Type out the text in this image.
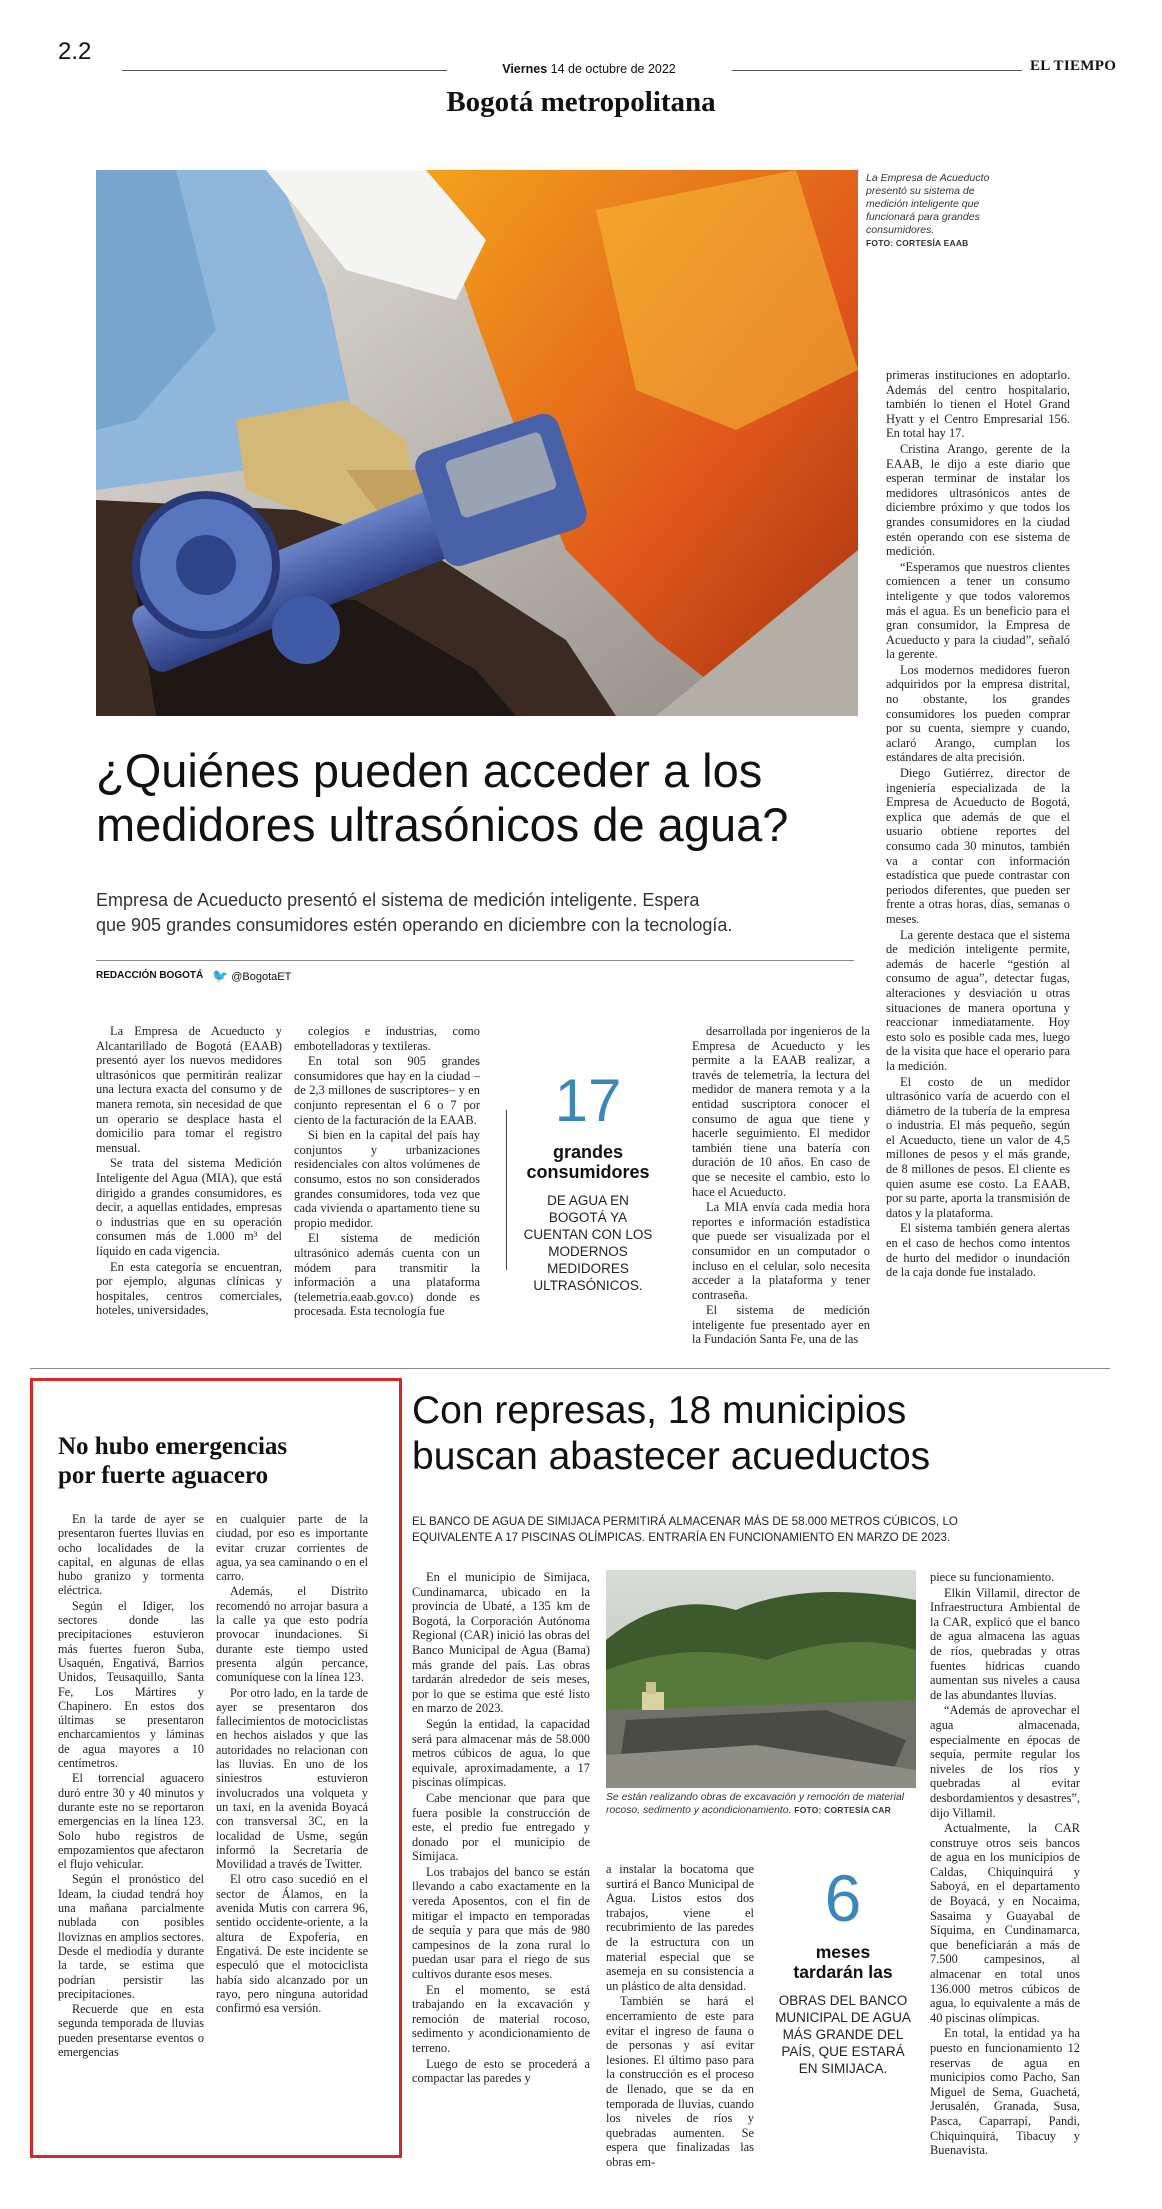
2.2
Viernes 14 de octubre de 2022	EL TIEMPO
Bogotá metropolitana
La Empresa de Acueducto presentó su sistema de medición inteligente que funcionará para grandes consumidores.
FOTO: CORTESÍA EAAB
¿Quiénes pueden acceder a los
medidores ultrasónicos de agua?
Empresa de Acueducto presentó el sistema de medición inteligente. Espera
que 905 grandes consumidores estén operando en diciembre con la tecnología.
REDACCIÓN BOGOTÁ 🐦 @BogotaET

La Empresa de Acueducto y Alcantarillado de Bogotá (EAAB) presentó ayer los nuevos medidores ultrasónicos que permitirán realizar una lectura exacta del consumo y de manera remota, sin necesidad de que un operario se desplace hasta el domicilio para tomar el registro mensual.

Se trata del sistema Medición Inteligente del Agua (MIA), que está dirigido a grandes consumidores, es decir, a aquellas entidades, empresas o industrias que en su operación consumen más de 1.000 m³ del líquido en cada vigencia.

En esta categoría se encuentran, por ejemplo, algunas clínicas y hospitales, centros comerciales, hoteles, universidades,

colegios e industrias, como embotelladoras y textileras.

En total son 905 grandes consumidores que hay en la ciudad –de 2,3 millones de suscriptores– y en conjunto representan el 6 o 7 por ciento de la facturación de la EAAB.

Si bien en la capital del país hay conjuntos y urbanizaciones residenciales con altos volúmenes de consumo, estos no son considerados grandes consumidores, toda vez que cada vivienda o apartamento tiene su propio medidor.

El sistema de medición ultrasónico además cuenta con un módem para transmitir la información a una plataforma (telemetria.eaab.gov.co) donde es procesada. Esta tecnología fue

17
grandes
consumidores
DE AGUA EN BOGOTÁ YA CUENTAN CON LOS MODERNOS MEDIDORES ULTRASÓNICOS.

desarrollada por ingenieros de la Empresa de Acueducto y les permite a la EAAB realizar, a través de telemetría, la lectura del medidor de manera remota y a la entidad suscriptora conocer el consumo de agua que tiene y hacerle seguimiento. El medidor también tiene una batería con duración de 10 años. En caso de que se necesite el cambio, esto lo hace el Acueducto.

La MIA envía cada media hora reportes e información estadística que puede ser visualizada por el consumidor en un computador o incluso en el celular, solo necesita acceder a la plataforma y tener contraseña.

El sistema de medición inteligente fue presentado ayer en la Fundación Santa Fe, una de las

primeras instituciones en adoptarlo. Además del centro hospitalario, también lo tienen el Hotel Grand Hyatt y el Centro Empresarial 156. En total hay 17.

Cristina Arango, gerente de la EAAB, le dijo a este diario que esperan terminar de instalar los medidores ultrasónicos antes de diciembre próximo y que todos los grandes consumidores en la ciudad estén operando con ese sistema de medición.

“Esperamos que nuestros clientes comiencen a tener un consumo inteligente y que todos valoremos más el agua. Es un beneficio para el gran consumidor, la Empresa de Acueducto y para la ciudad”, señaló la gerente.

Los modernos medidores fueron adquiridos por la empresa distrital, no obstante, los grandes consumidores los pueden comprar por su cuenta, siempre y cuando, aclaró Arango, cumplan los estándares de alta precisión.

Diego Gutiérrez, director de ingeniería especializada de la Empresa de Acueducto de Bogotá, explica que además de que el usuario obtiene reportes del consumo cada 30 minutos, también va a contar con información estadística que puede contrastar con periodos diferentes, que pueden ser frente a otras horas, días, semanas o meses.

La gerente destaca que el sistema de medición inteligente permite, además de hacerle “gestión al consumo de agua”, detectar fugas, alteraciones y desviación u otras situaciones de manera oportuna y reaccionar inmediatamente. Hoy esto solo es posible cada mes, luego de la visita que hace el operario para la medición.

El costo de un medidor ultrasónico varía de acuerdo con el diámetro de la tubería de la empresa o industria. El más pequeño, según el Acueducto, tiene un valor de 4,5 millones de pesos y el más grande, de 8 millones de pesos. El cliente es quien asume ese costo. La EAAB, por su parte, aporta la transmisión de datos y la plataforma.

El sistema también genera alertas en el caso de hechos como intentos de hurto del medidor o inundación de la caja donde fue instalado.

No hubo emergencias
por fuerte aguacero

En la tarde de ayer se presentaron fuertes lluvias en ocho localidades de la capital, en algunas de ellas hubo granizo y tormenta eléctrica.

Según el Idiger, los sectores donde las precipitaciones estuvieron más fuertes fueron Suba, Usaquén, Engativá, Barrios Unidos, Teusaquillo, Santa Fe, Los Mártires y Chapinero. En estos dos últimas se presentaron encharcamientos y láminas de agua mayores a 10 centímetros.

El torrencial aguacero duró entre 30 y 40 minutos y durante este no se reportaron emergencias en la línea 123. Solo hubo registros de empozamientos que afectaron el flujo vehicular.

Según el pronóstico del Ideam, la ciudad tendrá hoy una mañana parcialmente nublada con posibles lloviznas en amplios sectores. Desde el mediodía y durante la tarde, se estima que podrían persistir las precipitaciones.

Recuerde que en esta segunda temporada de lluvias pueden presentarse eventos o emergencias

en cualquier parte de la ciudad, por eso es importante evitar cruzar corrientes de agua, ya sea caminando o en el carro.

Además, el Distrito recomendó no arrojar basura a la calle ya que esto podría provocar inundaciones. Si durante este tiempo usted presenta algún percance, comuníquese con la línea 123.

Por otro lado, en la tarde de ayer se presentaron dos fallecimientos de motociclistas en hechos aislados y que las autoridades no relacionan con las lluvias. En uno de los siniestros estuvieron involucrados una volqueta y un taxi, en la avenida Boyacá con transversal 3C, en la localidad de Usme, según informó la Secretaría de Movilidad a través de Twitter.

El otro caso sucedió en el sector de Álamos, en la avenida Mutis con carrera 96, sentido occidente-oriente, a la altura de Expoferia, en Engativá. De este incidente se especuló que el motociclista había sido alcanzado por un rayo, pero ninguna autoridad confirmó esa versión.

Con represas, 18 municipios
buscan abastecer acueductos
EL BANCO DE AGUA DE SIMIJACA PERMITIRÁ ALMACENAR MÁS DE 58.000 METROS CÚBICOS, LO
EQUIVALENTE A 17 PISCINAS OLÍMPICAS. ENTRARÍA EN FUNCIONAMIENTO EN MARZO DE 2023.

En el municipio de Simijaca, Cundinamarca, ubicado en la provincia de Ubaté, a 135 km de Bogotá, la Corporación Autónoma Regional (CAR) inició las obras del Banco Municipal de Agua (Bama) más grande del país. Las obras tardarán alrededor de seis meses, por lo que se estima que esté listo en marzo de 2023.

Según la entidad, la capacidad será para almacenar más de 58.000 metros cúbicos de agua, lo que equivale, aproximadamente, a 17 piscinas olímpicas.

Cabe mencionar que para que fuera posible la construcción de este, el predio fue entregado y donado por el municipio de Simijaca.

Los trabajos del banco se están llevando a cabo exactamente en la vereda Aposentos, con el fin de mitigar el impacto en temporadas de sequía y para que más de 980 campesinos de la zona rural lo puedan usar para el riego de sus cultivos durante esos meses.

En el momento, se está trabajando en la excavación y remoción de material rocoso, sedimento y acondicionamiento de terreno.

Luego de esto se procederá a compactar las paredes y

Se están realizando obras de excavación y remoción de material rocoso, sedimento y acondicionamiento. FOTO: CORTESÍA CAR

a instalar la bocatoma que surtirá el Banco Municipal de Agua. Listos estos dos trabajos, viene el recubrimiento de las paredes de la estructura con un material especial que se asemeja en su consistencia a un plástico de alta densidad.

También se hará el encerramiento de este para evitar el ingreso de fauna o de personas y así evitar lesiones. El último paso para la construcción es el proceso de llenado, que se da en temporada de lluvias, cuando los niveles de ríos y quebradas aumenten. Se espera que finalizadas las obras em-

6
meses
tardarán las
OBRAS DEL BANCO MUNICIPAL DE AGUA MÁS GRANDE DEL PAÍS, QUE ESTARÁ EN SIMIJACA.

piece su funcionamiento.

Elkin Villamil, director de Infraestructura Ambiental de la CAR, explicó que el banco de agua almacena las aguas de ríos, quebradas y otras fuentes hídricas cuando aumentan sus niveles a causa de las abundantes lluvias.

“Además de aprovechar el agua almacenada, especialmente en épocas de sequía, permite regular los niveles de los ríos y quebradas al evitar desbordamientos y desastres”, dijo Villamil.

Actualmente, la CAR construye otros seis bancos de agua en los municipios de Caldas, Chiquinquirá y Saboyá, en el departamento de Boyacá, y en Nocaima, Sasaima y Guayabal de Síquima, en Cundinamarca, que beneficiarán a más de 7.500 campesinos, al almacenar en total unos 136.000 metros cúbicos de agua, lo equivalente a más de 40 piscinas olímpicas.

En total, la entidad ya ha puesto en funcionamiento 12 reservas de agua en municipios como Pacho, San Miguel de Sema, Guachetá, Jerusalén, Granada, Susa, Pasca, Caparrapí, Pandi, Chiquinquirá, Tibacuy y Buenavista.
